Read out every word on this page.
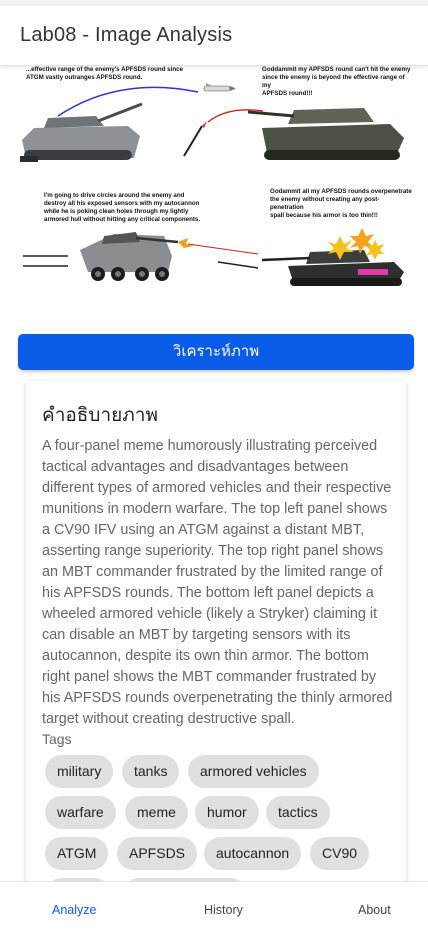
Lab08 - Image Analysis
...effective range of the enemy's APFSDS round since
ATGM vastly outranges APFSDS round.
Goddammit my APFSDS round can't hit the enemy
since the enemy is beyond the effective range of my
APFSDS round!!!
I'm going to drive circles around the enemy and
destroy all his exposed sensors with my autocannon
while he is poking clean holes through my lightly
armored hull without hitting any critical components.
Godammit all my APFSDS rounds overpenetrate
the enemy without creating any post-penetration
spall because his armor is too thin!!!
วิเคราะห์ภาพ
คำอธิบายภาพ
A four-panel meme humorously illustrating perceived tactical advantages and disadvantages between different types of armored vehicles and their respective munitions in modern warfare. The top left panel shows a CV90 IFV using an ATGM against a distant MBT, asserting range superiority. The top right panel shows an MBT commander frustrated by the limited range of his APFSDS rounds. The bottom left panel depicts a wheeled armored vehicle (likely a Stryker) claiming it can disable an MBT by targeting sensors with its autocannon, despite its own thin armor. The bottom right panel shows the MBT commander frustrated by his APFSDS rounds overpenetrating the thinly armored target without creating destructive spall.
Tags
military	tanks	armored vehicles
warfare	meme	humor	tactics
ATGM	APFSDS	autocannon	CV90
Analyze	History	About
